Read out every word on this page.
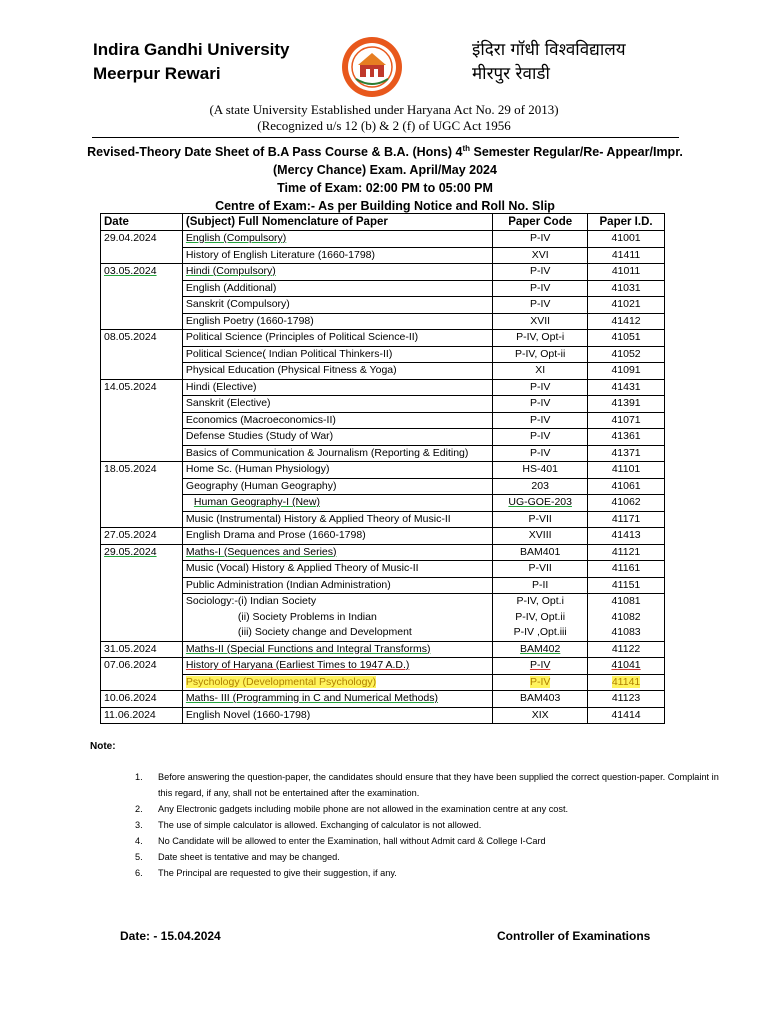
Indira Gandhi University
Meerpur Rewari
इंदिरा गॉधी विश्वविद्यालय
मीरपुर रेवाडी
(A state University Established under Haryana Act No. 29 of 2013)
(Recognized u/s 12 (b) & 2 (f) of UGC Act 1956
Revised-Theory Date Sheet of B.A Pass Course & B.A. (Hons) 4th Semester Regular/Re- Appear/Impr.
(Mercy Chance) Exam. April/May 2024
Time of Exam: 02:00 PM to 05:00 PM
Centre of Exam:- As per Building Notice and Roll No. Slip
Date	(Subject) Full Nomenclature of Paper	Paper Code	Paper I.D.
29.04.2024	English (Compulsory)	P-IV	41001
	History of English Literature (1660-1798)	XVI	41411
03.05.2024	Hindi (Compulsory)	P-IV	41011
	English (Additional)	P-IV	41031
	Sanskrit (Compulsory)	P-IV	41021
	English Poetry (1660-1798)	XVII	41412
08.05.2024	Political Science (Principles of Political Science-II)	P-IV, Opt-i	41051
	Political Science( Indian Political Thinkers-II)	P-IV, Opt-ii	41052
	Physical Education (Physical Fitness & Yoga)	XI	41091
14.05.2024	Hindi (Elective)	P-IV	41431
	Sanskrit (Elective)	P-IV	41391
	Economics (Macroeconomics-II)	P-IV	41071
	Defense Studies (Study of War)	P-IV	41361
	Basics of Communication & Journalism (Reporting & Editing)	P-IV	41371
18.05.2024	Home Sc. (Human Physiology)	HS-401	41101
	Geography (Human Geography)	203	41061
	Human Geography-I (New)	UG-GOE-203	41062
	Music (Instrumental) History & Applied Theory of Music-II	P-VII	41171
27.05.2024	English Drama and Prose (1660-1798)	XVIII	41413
29.05.2024	Maths-I (Sequences and Series)	BAM401	41121
	Music (Vocal) History & Applied Theory of Music-II	P-VII	41161
	Public Administration (Indian Administration)	P-II	41151
	Sociology:-(i) Indian Society	P-IV, Opt.i	41081
	(ii) Society Problems in Indian	P-IV, Opt.ii	41082
	(iii) Society change and Development	P-IV ,Opt.iii	41083
31.05.2024	Maths-II (Special Functions and Integral Transforms)	BAM402	41122
07.06.2024	History of Haryana (Earliest Times to 1947 A.D.)	P-IV	41041
	Psychology (Developmental Psychology)	P-IV	41141
10.06.2024	Maths- III (Programming in C and Numerical Methods)	BAM403	41123
11.06.2024	English Novel (1660-1798)	XIX	41414
Note:
1.	Before answering the question-paper, the candidates should ensure that they have been supplied the correct question-paper. Complaint in this regard, if any, shall not be entertained after the examination.
2.	Any Electronic gadgets including mobile phone are not allowed in the examination centre at any cost.
3.	The use of simple calculator is allowed. Exchanging of calculator is not allowed.
4.	No Candidate will be allowed to enter the Examination, hall without Admit card & College I-Card
5.	Date sheet is tentative and may be changed.
6.	The Principal are requested to give their suggestion, if any.
Date: - 15.04.2024	Controller of Examinations
